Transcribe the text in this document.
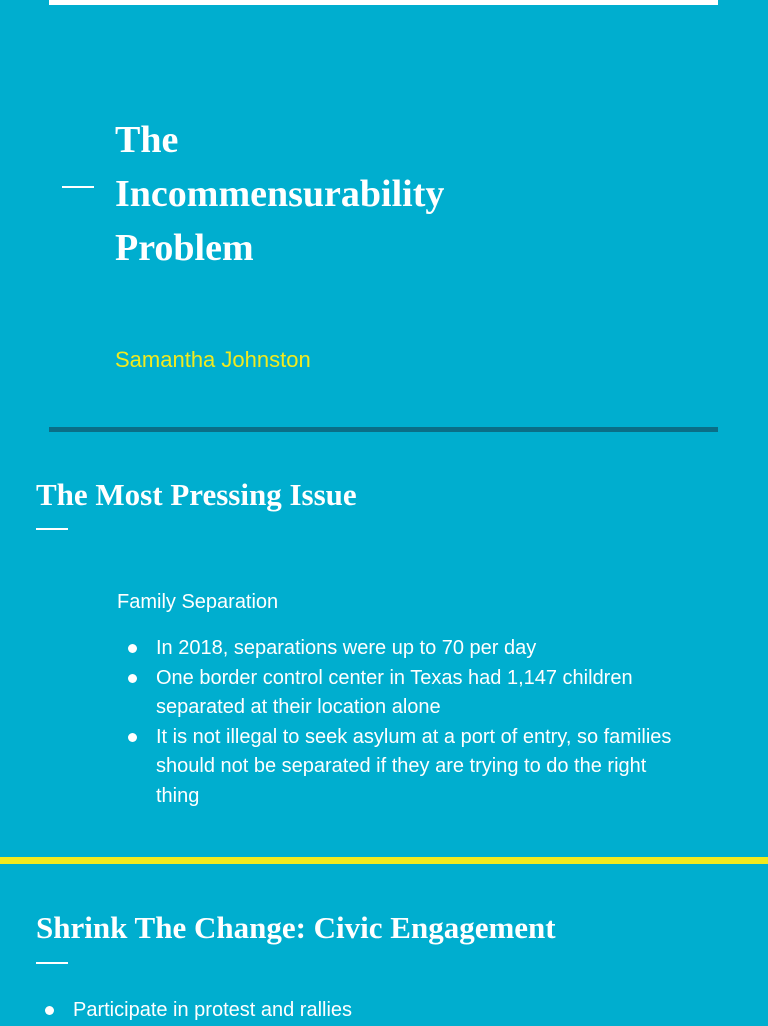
The
Incommensurability
Problem
Samantha Johnston
The Most Pressing Issue
Family Separation
In 2018, separations were up to 70 per day
One border control center in Texas had 1,147 children separated at their location alone
It is not illegal to seek asylum at a port of entry, so families should not be separated if they are trying to do the right thing
Shrink The Change: Civic Engagement
Participate in protest and rallies
